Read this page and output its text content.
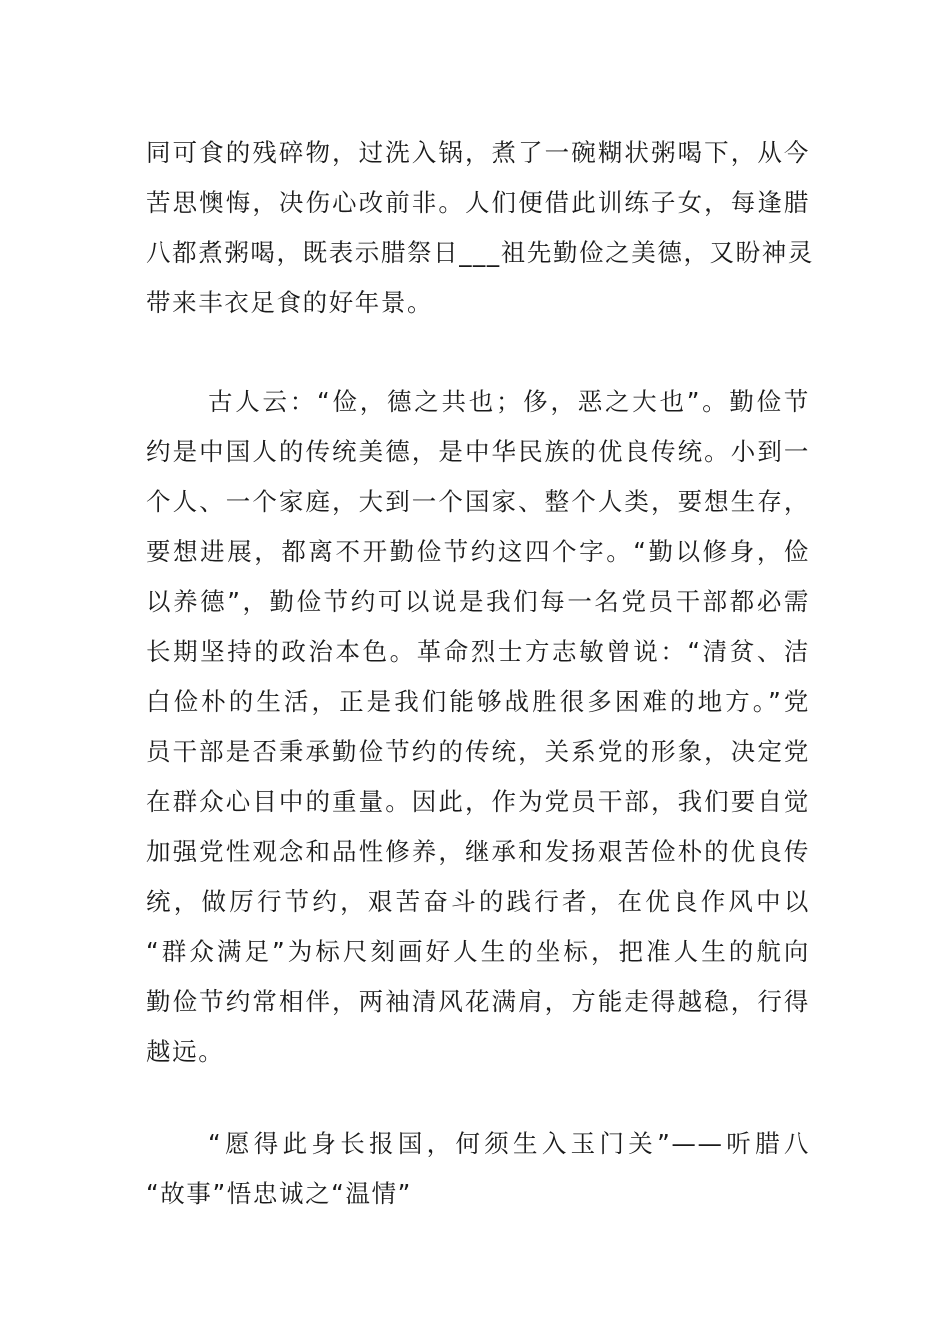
同可食的残碎物，过洗入锅，煮了一碗糊状粥喝下，从今
苦思懊悔，决伤心改前非。人们便借此训练子女，每逢腊
八都煮粥喝，既表示腊祭日___祖先勤俭之美德，又盼神灵
带来丰衣足食的好年景。
古人云：“俭，德之共也；侈，恶之大也”。勤俭节
约是中国人的传统美德，是中华民族的优良传统。小到一
个人、一个家庭，大到一个国家、整个人类，要想生存，
要想进展，都离不开勤俭节约这四个字。“勤以修身，俭
以养德”，勤俭节约可以说是我们每一名党员干部都必需
长期坚持的政治本色。革命烈士方志敏曾说：“清贫、洁
白俭朴的生活，正是我们能够战胜很多困难的地方。”党
员干部是否秉承勤俭节约的传统，关系党的形象，决定党
在群众心目中的重量。因此，作为党员干部，我们要自觉
加强党性观念和品性修养，继承和发扬艰苦俭朴的优良传
统，做厉行节约，艰苦奋斗的践行者，在优良作风中以
“群众满足”为标尺刻画好人生的坐标，把准人生的航向
勤俭节约常相伴，两袖清风花满肩，方能走得越稳，行得
越远。
“愿得此身长报国，何须生入玉门关”——听腊八
“故事”悟忠诚之“温情”
